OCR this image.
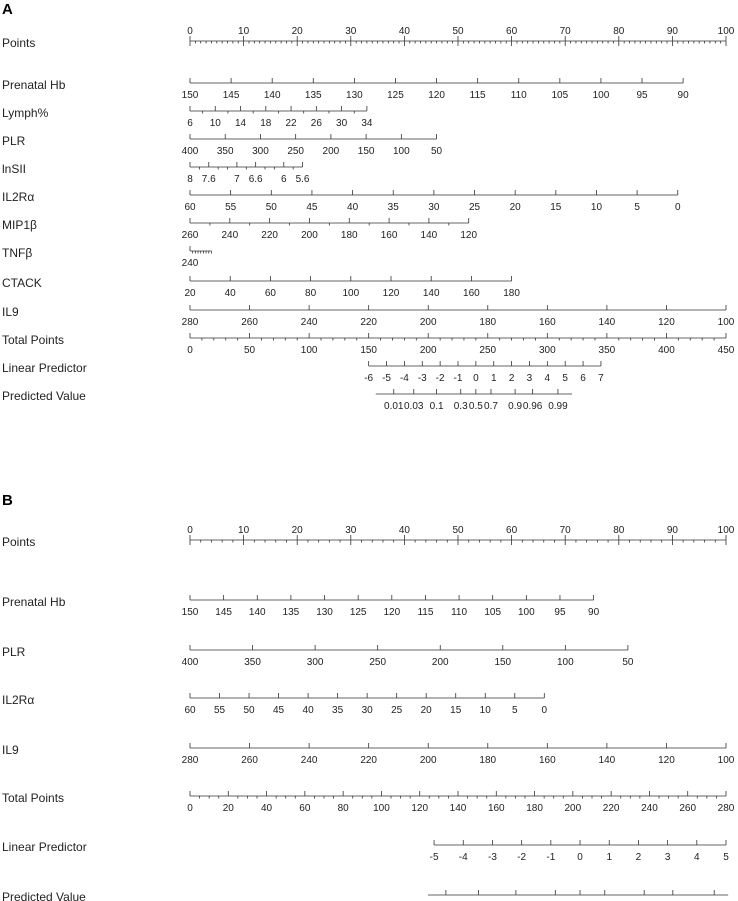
A
Points
0	10	20	30	40	50	60	70	80	90	100
Prenatal Hb
150 145 140 135 130 125 120 115	110 105 100	95	90
Lymph%
6 10 14 18 22 26 30 34
PLR
400 350 300 250 200 150 100 50
lnSII
8 7.6 7 6.6 6 5.6
IL2Rα
60	55	50	45	40	35	30	25	20	15	10	5	0
MIP1β
260 240 220 200 180 160 140 120
TNFβ
240
CTACK
20	40	60	80	100 120 140 160 180
IL9
280	260	240	220	200	180	160	140	120	100
Total Points
0	50	100	150	200	250	300	350	400	450
Linear Predictor
-6 -5 -4 -3 -2 -1 0 1 2 3 4 5 6 7
Predicted Value
0.01 0.03 0.1 0.3 0.5 0.7 0.9 0.96 0.99
B
Points
0	10	20	30	40	50	60	70	80	90	100
Prenatal Hb
150 145 140 135 130 125 120 115 110 105 100 95 90
PLR
400	350	300	250	200	150	100	50
IL2Rα
60 55 50 45 40 35 30 25 20 15 10 5 0
IL9
280	260	240	220	200	180	160	140	120	100
Total Points
0	20	40	60	80 100 120 140 160 180 200 220 240 260 280
Linear Predictor
-5 -4 -3 -2 -1 0 1 2 3 4 5
Predicted Value
